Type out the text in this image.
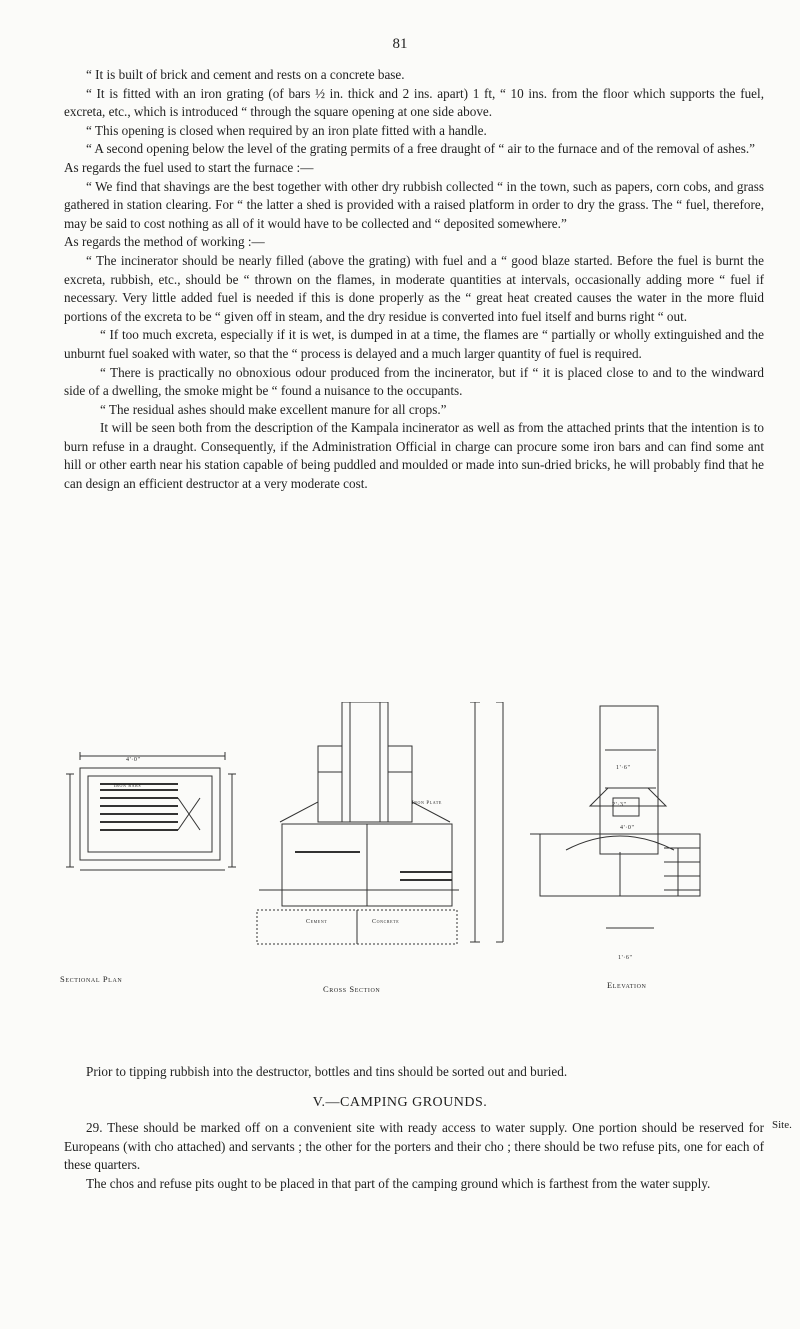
81

“ It is built of brick and cement and rests on a concrete base.

“ It is fitted with an iron grating (of bars ½ in. thick and 2 ins. apart) 1 ft, “ 10 ins. from the floor which supports the fuel, excreta, etc., which is introduced “ through the square opening at one side above.

“ This opening is closed when required by an iron plate fitted with a handle.

“ A second opening below the level of the grating permits of a free draught of “ air to the furnace and of the removal of ashes.”

As regards the fuel used to start the furnace :—

“ We find that shavings are the best together with other dry rubbish collected “ in the town, such as papers, corn cobs, and grass gathered in station clearing. For “ the latter a shed is provided with a raised platform in order to dry the grass. The “ fuel, therefore, may be said to cost nothing as all of it would have to be collected and “ deposited somewhere.”

As regards the method of working :—

“ The incinerator should be nearly filled (above the grating) with fuel and a “ good blaze started. Before the fuel is burnt the excreta, rubbish, etc., should be “ thrown on the flames, in moderate quantities at intervals, occasionally adding more “ fuel if necessary. Very little added fuel is needed if this is done properly as the “ great heat created causes the water in the more fluid portions of the excreta to be “ given off in steam, and the dry residue is converted into fuel itself and burns right “ out.

“ If too much excreta, especially if it is wet, is dumped in at a time, the flames are “ partially or wholly extinguished and the unburnt fuel soaked with water, so that the “ process is delayed and a much larger quantity of fuel is required.

“ There is practically no obnoxious odour produced from the incinerator, but if “ it is placed close to and to the windward side of a dwelling, the smoke might be “ found a nuisance to the occupants.

“ The residual ashes should make excellent manure for all crops.”

It will be seen both from the description of the Kampala incinerator as well as from the attached prints that the intention is to burn refuse in a draught. Consequently, if the Administration Official in charge can procure some iron bars and can find some ant hill or other earth near his station capable of being puddled and moulded or made into sun-dried bricks, he will probably find that he can design an efficient destructor at a very moderate cost.

4'·0"
Iron bars
Iron Plate
Cement	Concrete
1'·6"
2'·3"
4'·0"
1'·6"
Sectional Plan
Cross Section	Elevation

Prior to tipping rubbish into the destructor, bottles and tins should be sorted out and buried.

V.—CAMPING GROUNDS.
Site.

29. These should be marked off on a convenient site with ready access to water supply. One portion should be reserved for Europeans (with cho attached) and servants ; the other for the porters and their cho ; there should be two refuse pits, one for each of these quarters.

The chos and refuse pits ought to be placed in that part of the camping ground which is farthest from the water supply.
